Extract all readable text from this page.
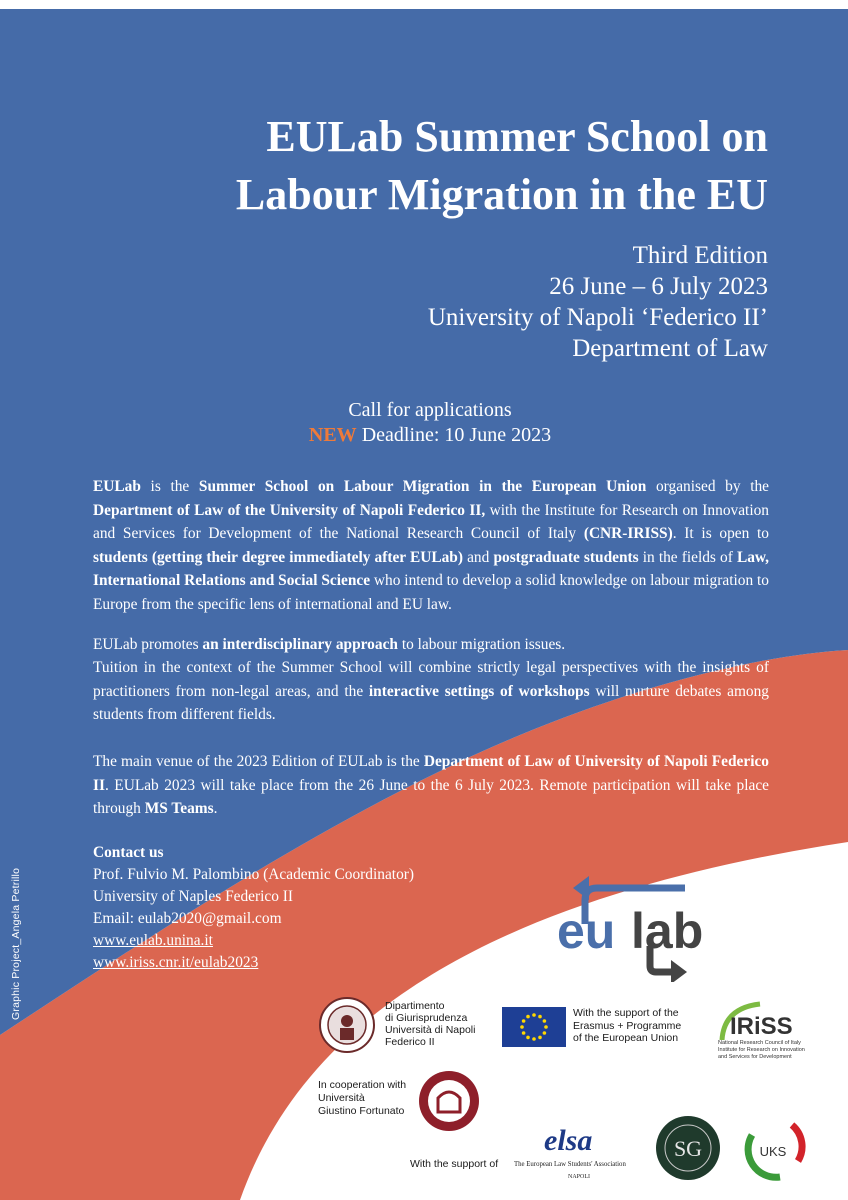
EULab Summer School on
Labour Migration in the EU
Third Edition
26 June – 6 July 2023
University of Napoli ‘Federico II’
Department of Law
Call for applications
NEW Deadline: 10 June 2023

EULab is the Summer School on Labour Migration in the European Union organised by the Department of Law of the University of Napoli Federico II, with the Institute for Research on Innovation and Services for Development of the National Research Council of Italy (CNR-IRISS). It is open to students (getting their degree immediately after EULab) and postgraduate students in the fields of Law, International Relations and Social Science who intend to develop a solid knowledge on labour migration to Europe from the specific lens of international and EU law.

EULab promotes an interdisciplinary approach to labour migration issues.

Tuition in the context of the Summer School will combine strictly legal perspectives with the insights of practitioners from non-legal areas, and the interactive settings of workshops will nurture debates among students from different fields.

The main venue of the 2023 Edition of EULab is the Department of Law of University of Napoli Federico II. EULab 2023 will take place from the 26 June to the 6 July 2023. Remote participation will take place through MS Teams.

Contact us
Prof. Fulvio M. Palombino (Academic Coordinator)
University of Naples Federico II
Email: eulab2020@gmail.com
www.eulab.unina.it
www.iriss.cnr.it/eulab2023
Graphic Project_Angela Petrillo	eu lab
Dipartimento
di Giurisprudenza
Università di Napoli
Federico II
With the support of the
Erasmus + Programme
of the European Union IRiSS
National Research Council of Italy
Institute for Research on Innovation
and Services for Development
In cooperation with
Università
Giustino Fortunato
With the support of
elsa
The European Law Students' Association
NAPOLI
SG	UKS
